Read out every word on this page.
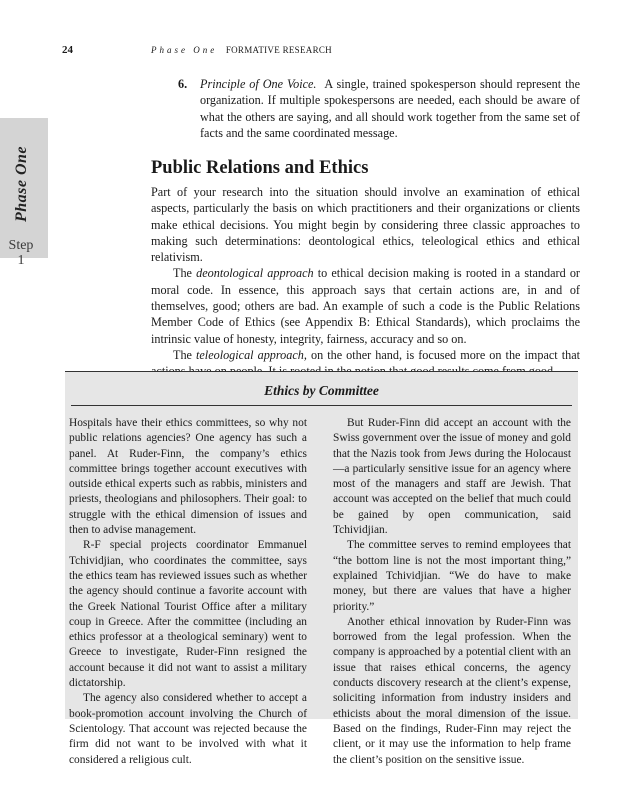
24	Phase One FORMATIVE RESEARCH
Phase One
Step
1
6.	Principle of One Voice. A single, trained spokesperson should represent the organization. If multiple spokespersons are needed, each should be aware of what the others are saying, and all should work together from the same set of facts and the same coordinated message.
Public Relations and Ethics

Part of your research into the situation should involve an examination of ethical aspects, particularly the basis on which practitioners and their organizations or clients make ethical decisions. You might begin by considering three classic approaches to making such determinations: deontological ethics, teleological ethics and ethical relativism.

The deontological approach to ethical decision making is rooted in a standard or moral code. In essence, this approach says that certain actions are, in and of themselves, good; others are bad. An example of such a code is the Public Relations Member Code of Ethics (see Appendix B: Ethical Standards), which proclaims the intrinsic value of honesty, integrity, fairness, accuracy and so on.

The teleological approach, on the other hand, is focused more on the impact that

Ethics by Committee

Hospitals have their ethics committees, so why not public relations agencies? One agency has such a panel. At Ruder-Finn, the company’s ethics committee brings together account executives with outside ethical experts such as rabbis, ministers and priests, theologians and philosophers. Their goal: to struggle with the ethical dimension of issues and then to advise management.

R-F special projects coordinator Emmanuel Tchividjian, who coordinates the committee, says the ethics team has reviewed issues such as whether the agency should continue a favorite account with the Greek National Tourist Office after a military coup in Greece. After the committee (including an ethics professor at a theological seminary) went to Greece to investigate, Ruder-Finn resigned the account because it did not want to assist a military dictatorship.

The agency also considered whether to accept a book-promotion account involving the Church of Scientology. That account was rejected because the firm did not want to be involved with what it considered a religious cult.

But Ruder-Finn did accept an account with the Swiss government over the issue of money and gold that the Nazis took from Jews during the Holocaust—a particularly sensitive issue for an agency where most of the managers and staff are Jewish. That account was accepted on the belief that much could be gained by open communication, said Tchividjian.

The committee serves to remind employees that “the bottom line is not the most important thing,” explained Tchividjian. “We do have to make money, but there are values that have a higher priority.”

Another ethical innovation by Ruder-Finn was borrowed from the legal profession. When the company is approached by a potential client with an issue that raises ethical concerns, the agency conducts discovery research at the client’s expense, soliciting information from industry insiders and ethicists about the moral dimension of the issue. Based on the findings, Ruder-Finn may reject the client, or it may use the information to help frame the client’s position on the sensitive issue.
